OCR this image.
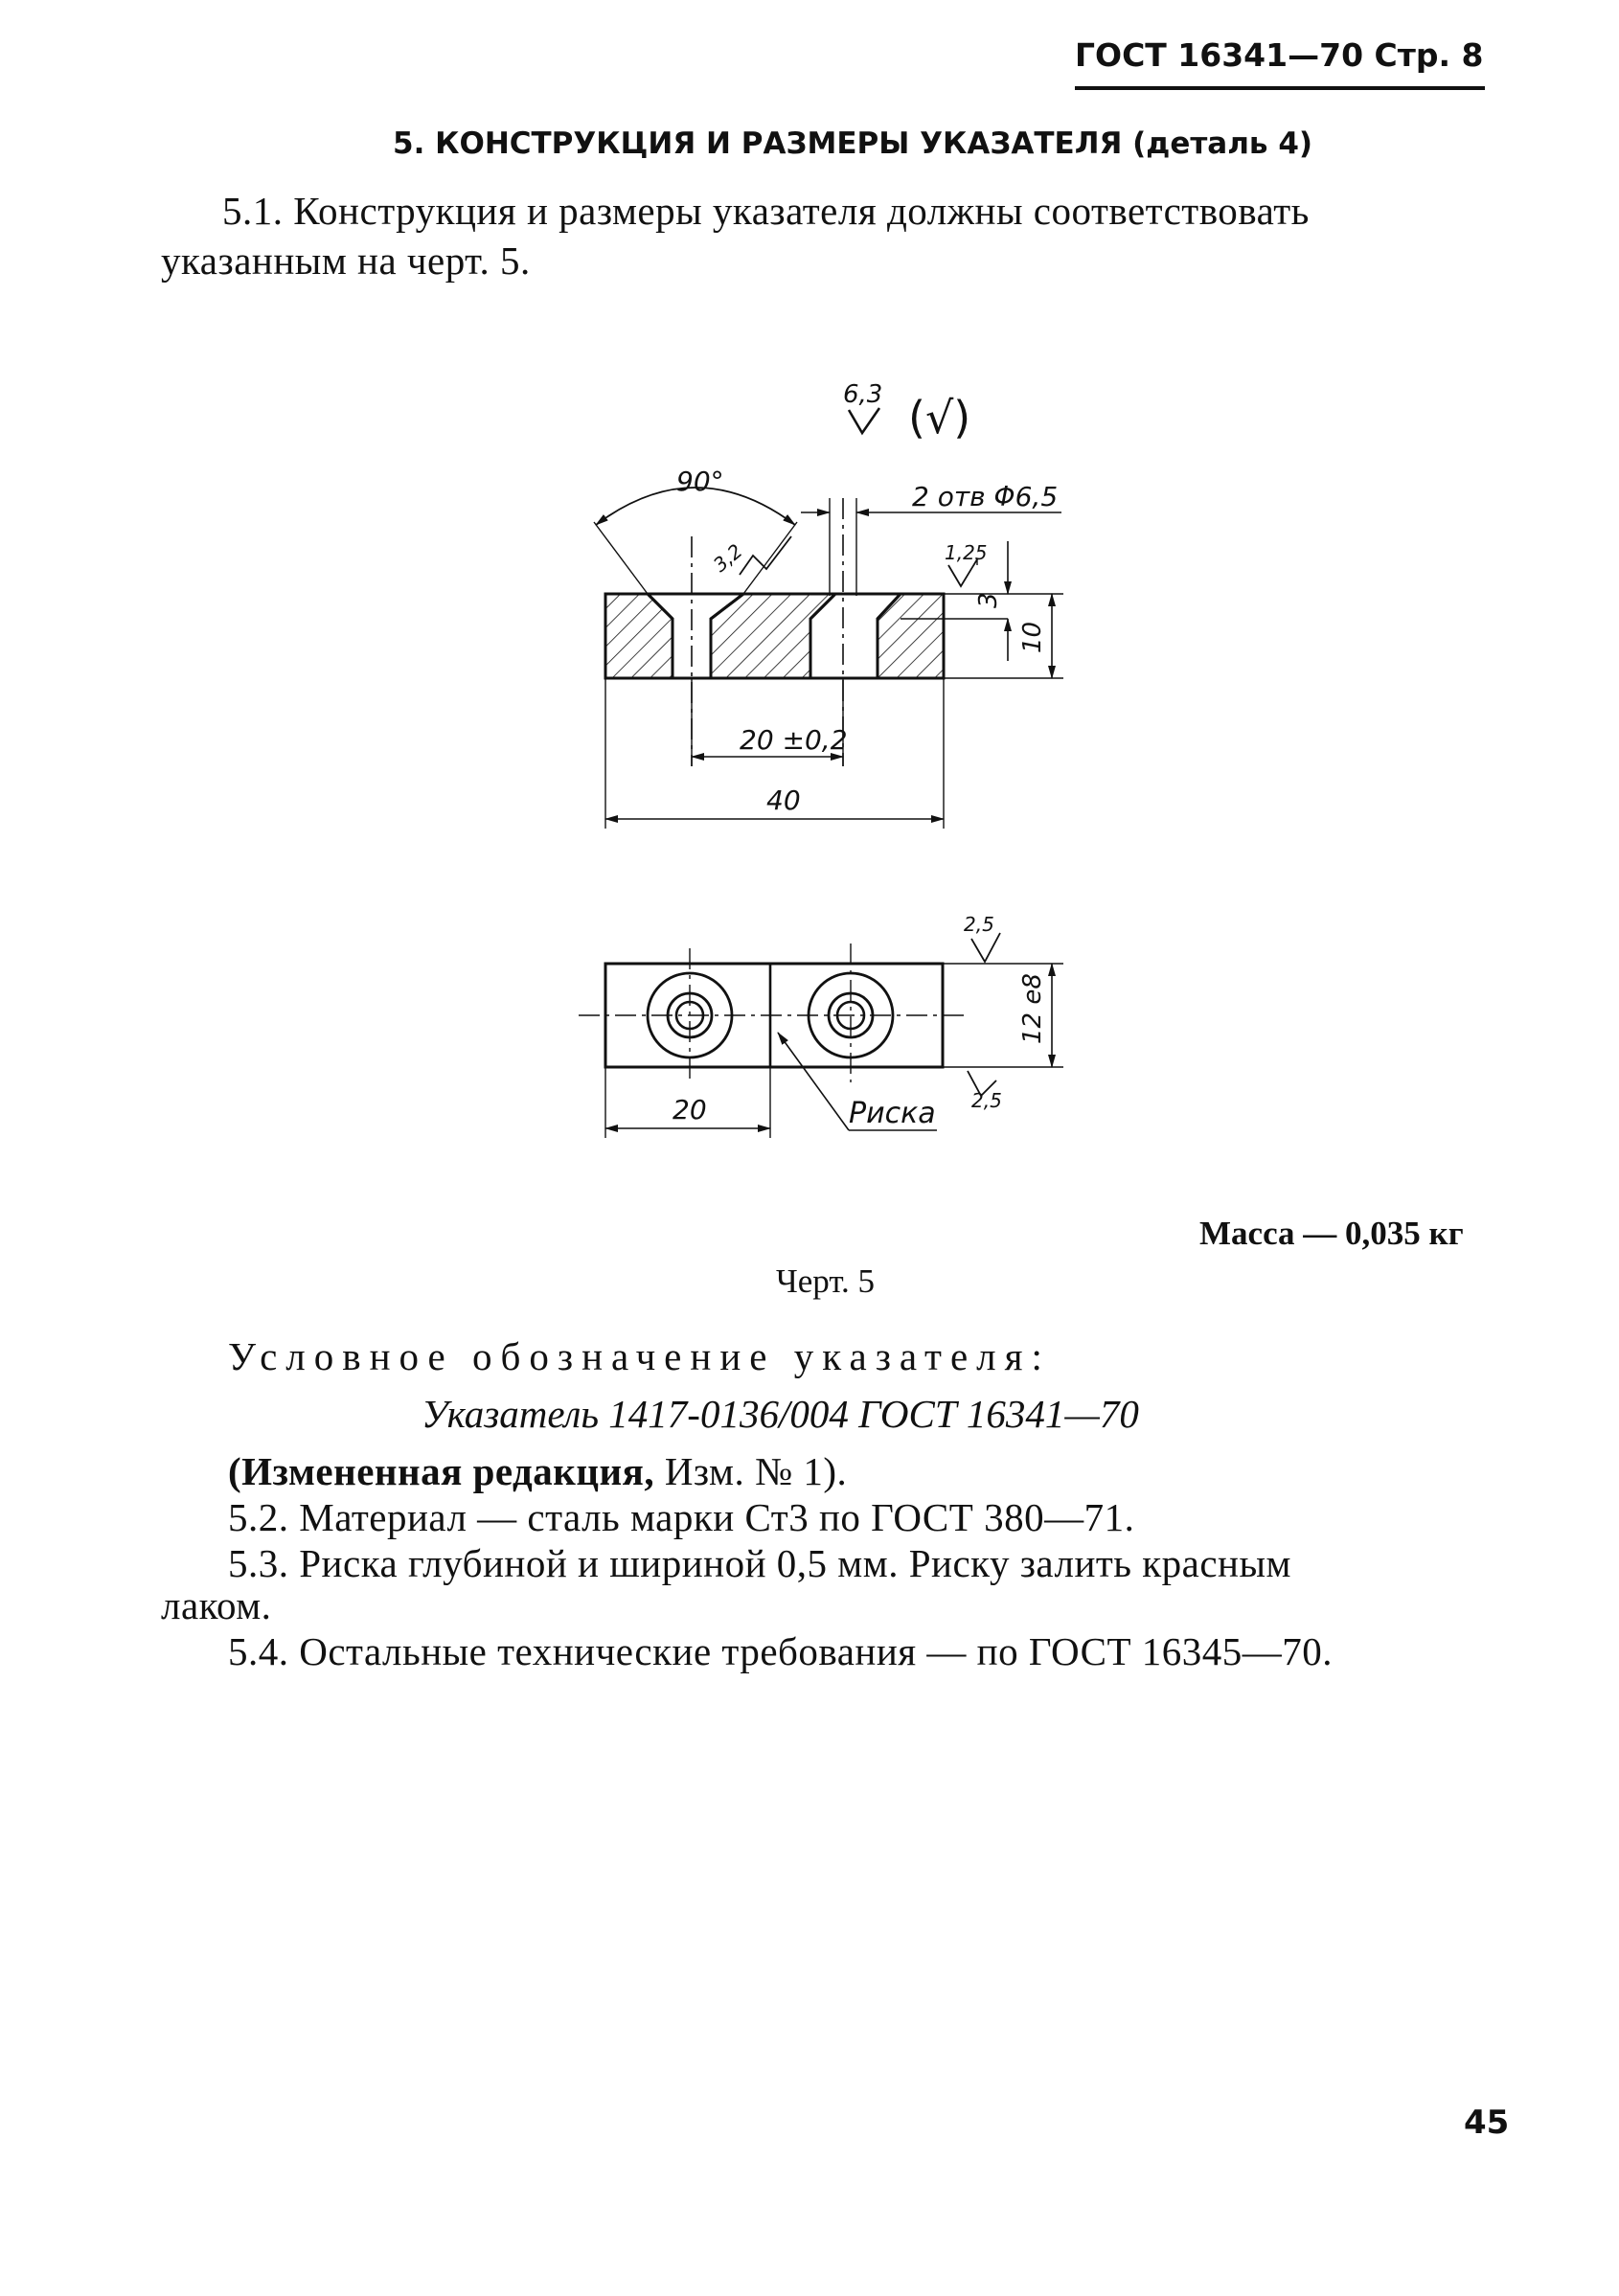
ГОСТ 16341—70 Стр. 8
5. КОНСТРУКЦИЯ И РАЗМЕРЫ УКАЗАТЕЛЯ (деталь 4)
5.1. Конструкция и размеры указателя должны соответствовать
указанным на черт. 5.
6,3 (√)
2 отв Φ6,5
90°
3,2	1,25
3
10
20 ±0,2
40
2,5
12 е8
2,5
20	Риска
Масса — 0,035 кг
Черт. 5
Условное обозначение указателя:
Указатель 1417-0136/004 ГОСТ 16341—70
(Измененная редакция, Изм. № 1).
5.2. Материал — сталь марки Ст3 по ГОСТ 380—71.
5.3. Риска глубиной и шириной 0,5 мм. Риску залить красным
лаком.
5.4. Остальные технические требования — по ГОСТ 16345—70.
45
